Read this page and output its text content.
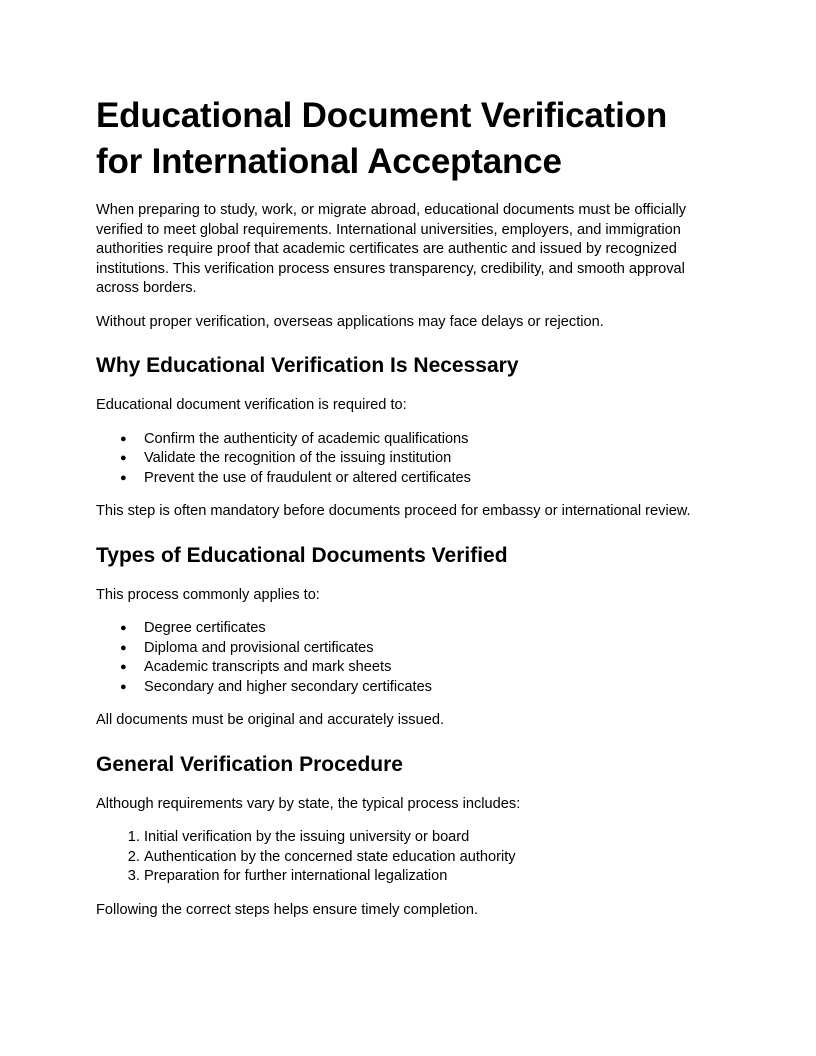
Educational Document Verification for International Acceptance

When preparing to study, work, or migrate abroad, educational documents must be officially verified to meet global requirements. International universities, employers, and immigration authorities require proof that academic certificates are authentic and issued by recognized institutions. This verification process ensures transparency, credibility, and smooth approval across borders.

Without proper verification, overseas applications may face delays or rejection.

Why Educational Verification Is Necessary

Educational document verification is required to:

● Confirm the authenticity of academic qualifications
● Validate the recognition of the issuing institution
● Prevent the use of fraudulent or altered certificates

This step is often mandatory before documents proceed for embassy or international review.

Types of Educational Documents Verified

This process commonly applies to:

● Degree certificates
● Diploma and provisional certificates
● Academic transcripts and mark sheets
● Secondary and higher secondary certificates

All documents must be original and accurately issued.

General Verification Procedure

Although requirements vary by state, the typical process includes:

1. Initial verification by the issuing university or board
2. Authentication by the concerned state education authority
3. Preparation for further international legalization

Following the correct steps helps ensure timely completion.
